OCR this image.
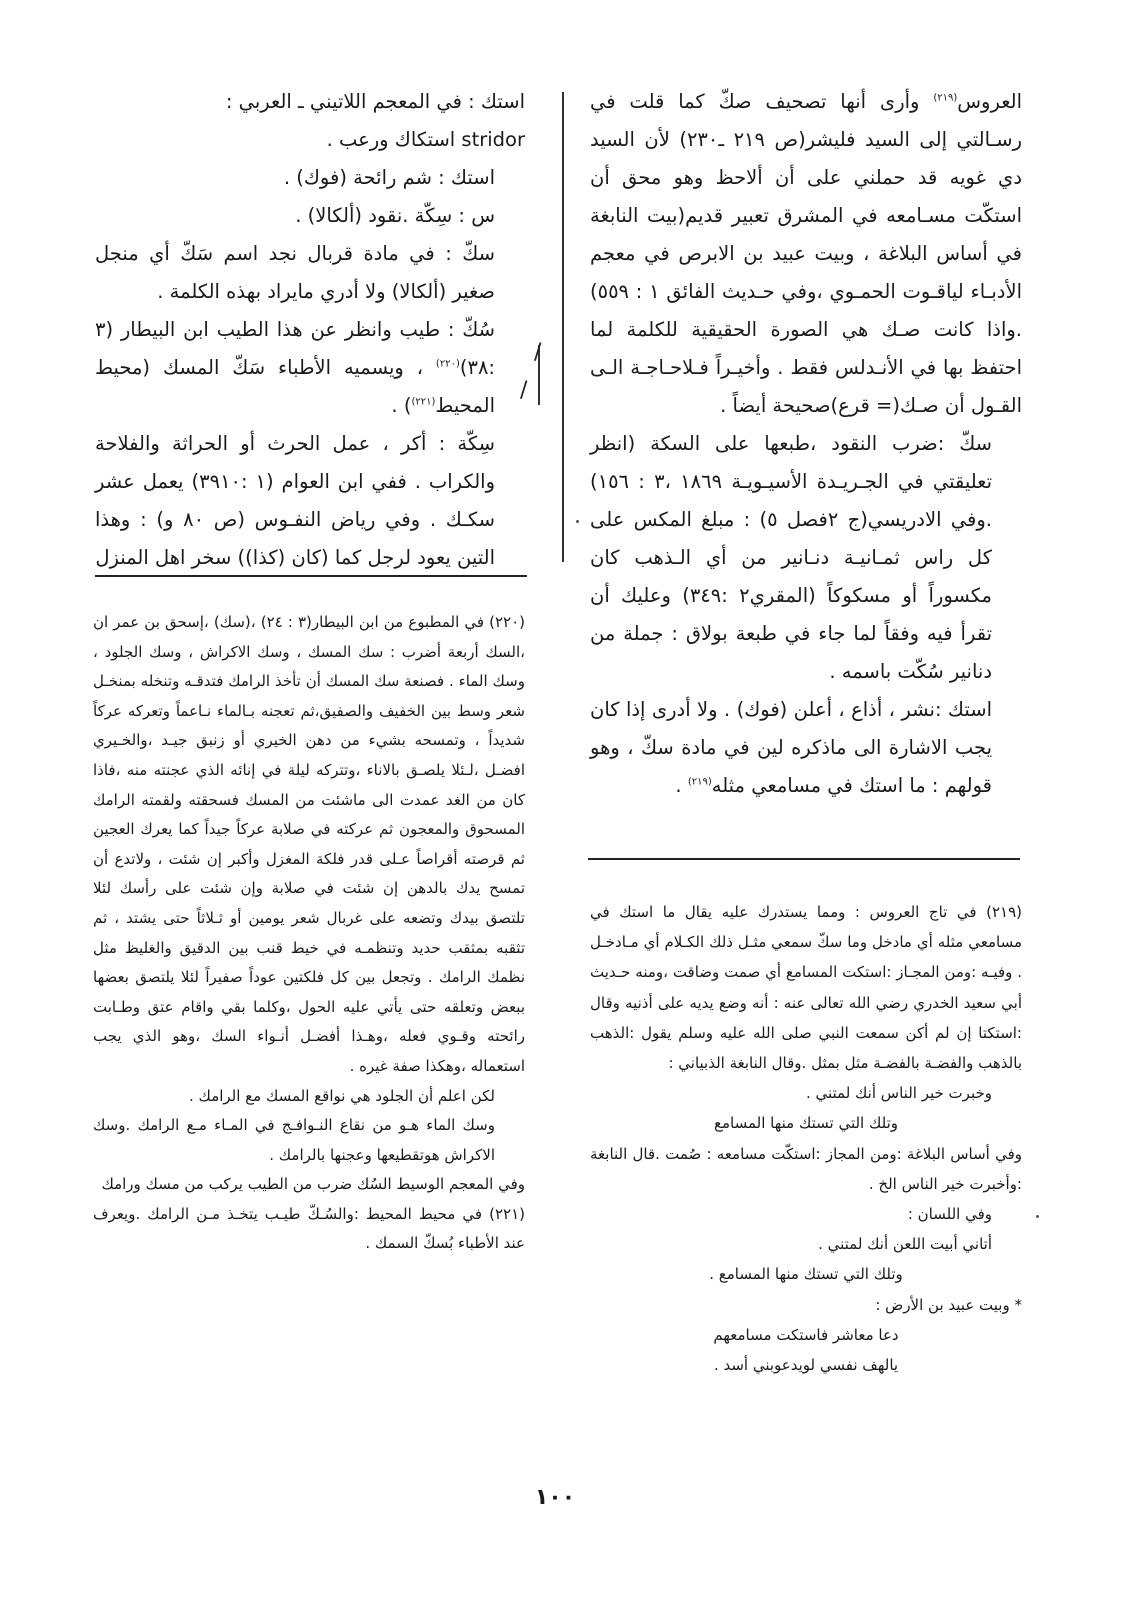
العروس$^{(٢١٩)}$ وأرى أنها تصحيف صكّ كما قلت في رسـالتي إلى السيد فليشر(ص ٢١٩ ـ٢٣٠) لأن السيد دي غويه قد حملني على أن ألاحظ وهو محق أن استكّت مسـامعه في المشرق تعبير قديم(بيت النابغة في أساس البلاغة ، وبيت عبيد بن الابرص في معجم الأدبـاء لياقـوت الحمـوي ،وفي حـديث الفائق ١ : ٥٥٩) .واذا كانت صـك هي الصورة الحقيقية للكلمة لما احتفظ بها في الأنـدلس فقط . وأخيـراً فـلاحـاجـة الـى القـول أن صـك(= قرع)صحيحة أيضاً .

سكّ :ضرب النقود ،طبعها على السكة (انظر تعليقتي في الجـريـدة الأسيـويـة ١٨٦٩ ،٣ : ١٥٦) .وفي الادريسي(ج ٢فصل ٥) : مبلغ المكس على كل راس ثمـانيـة دنـانير من أي الـذهب كان مكسوراً أو مسكوكاً (المقري٢ :٣٤٩) وعليك أن تقرأ فيه وفقاً لما جاء في طبعة بولاق : جملة من دنانير سُكّت باسمه .

استك :نشر ، أذاع ، أعلن (فوك) . ولا أدرى إذا كان يجب الاشارة الى ماذكره لين في مادة سكّ ، وهو قولهم : ما استك في مسامعي مثله$^{(٢١٩)}$ .

استك : في المعجم اللاتيني ـ العربي :

stridor استكاك ورعب .

استك : شم رائحة (فوك) .

س : سِكّة .نقود (ألكالا) .

سكّ : في مادة قربال نجد اسم سَكّ أي منجل صغير (ألكالا) ولا أدري مايراد بهذه الكلمة .

سُكّ : طيب وانظر عن هذا الطيب ابن البيطار (٣ :٣٨)$^{(٢٢٠)}$ ، ويسميه الأطباء سَكّ المسك (محيط المحيط$^{(٢٢١)}$) .

سِكّة : أكر ، عمل الحرث أو الحراثة والفلاحة والكراب . ففي ابن العوام (١ :٣٩١٠) يعمل عشر سكـك . وفي رياض النفـوس (ص ٨٠ و) : وهذا التين يعود لرجل كما (كان (كذا)) سخر اهل المنزل

(٢٢٠) في المطبوع من ابن البيطار(٣ : ٢٤) ،(سك) ،إسحق بن عمر ان ،السك أربعة أضرب : سك المسك ، وسك الاكراش ، وسك الجلود ، وسك الماء . فصنعة سك المسك أن تأخذ الرامك فتدقـه وتنخله بمنخـل شعر وسط بين الخفيف والصفيق،ثم تعجنه بـالماء نـاعماً وتعركه عركاً شديداً ، وتمسحه بشيء من دهن الخيري أو زنبق جيـد ،والخـيري افضـل ،لـئلا يلصـق بالاناء ،وتتركه ليلة في إنائه الذي عجنته منه ،فاذا كان من الغد عمدت الى ماشئت من المسك فسحقته ولقمته الرامك المسحوق والمعجون ثم عركته في صلابة عركاً جيداً كما يعرك العجين ثم قرصته أقراصاً عـلى قدر فلكة المغزل وأكبر إن شئت ، ولاتدع أن تمسح يدك بالدهن إن شئت في صلابة وإن شئت على رأسك لئلا تلتصق بيدك وتضعه على غربال شعر يومين أو ثـلاثاً حتى يشتد ، ثم تثقبه بمثقب حديد وتنظمـه في خيط قنب بين الدقيق والغليظ مثل نظمك الرامك . وتجعل بين كل فلكتين عوداً صفيراً لئلا يلتصق بعضها ببعض وتعلقه حتى يأتي عليه الحول ،وكلما بقي واقام عتق وطـابت رائحته وقـوي فعله ،وهـذا أفضـل أنـواء السك ،وهو الذي يجب استعماله ،وهكذا صفة غيره .

لكن اعلم أن الجلود هي نواقع المسك مع الرامك .

وسك الماء هـو من نقاع النـوافـج في المـاء مـع الرامك .وسك الاكراش هوتقطيعها وعجنها بالرامك .

وفي المعجم الوسيط السُك ضرب من الطيب يركب من مسك ورامك

(٢٢١) في محيط المحيط :والسُـكّ طيـب يتخـذ مـن الرامك .ويعرف عند الأطباء بُسكّ السمك .

(٢١٩) في تاج العروس : ومما يستدرك عليه يقال ما استك في مسامعي مثله أي مادخل وما سكّ سمعي مثـل ذلك الكـلام أي مـادخـل . وفيـه :ومن المجـاز :استكت المسامع أي صمت وضاقت ،ومنه حـديث أبي سعيد الخدري رضي الله تعالى عنه : أنه وضع يديه على أذنيه وقال :استكتا إن لم أكن سمعت النبي صلى الله عليه وسلم يقول :الذهب بالذهب والفضـة بالفضـة مثل بمثل .وقال النابغة الذبياني :

وخبرت خير الناس أنك لمتني .

وتلك التي تستك منها المسامع

وفي أساس البلاغة :ومن المجاز :استكّت مسامعه : صُمت .قال النابغة :وأخبرت خير الناس الخ .

وفي اللسان :

أتاني أبيت اللعن أنك لمتني .

وتلك التي تستك منها المسامع .

* وبيت عبيد بن الأرض :

دعا معاشر فاستكت مسامعهم

يالهف نفسي لويدعوبني أسد .

١٠٠
/
/
